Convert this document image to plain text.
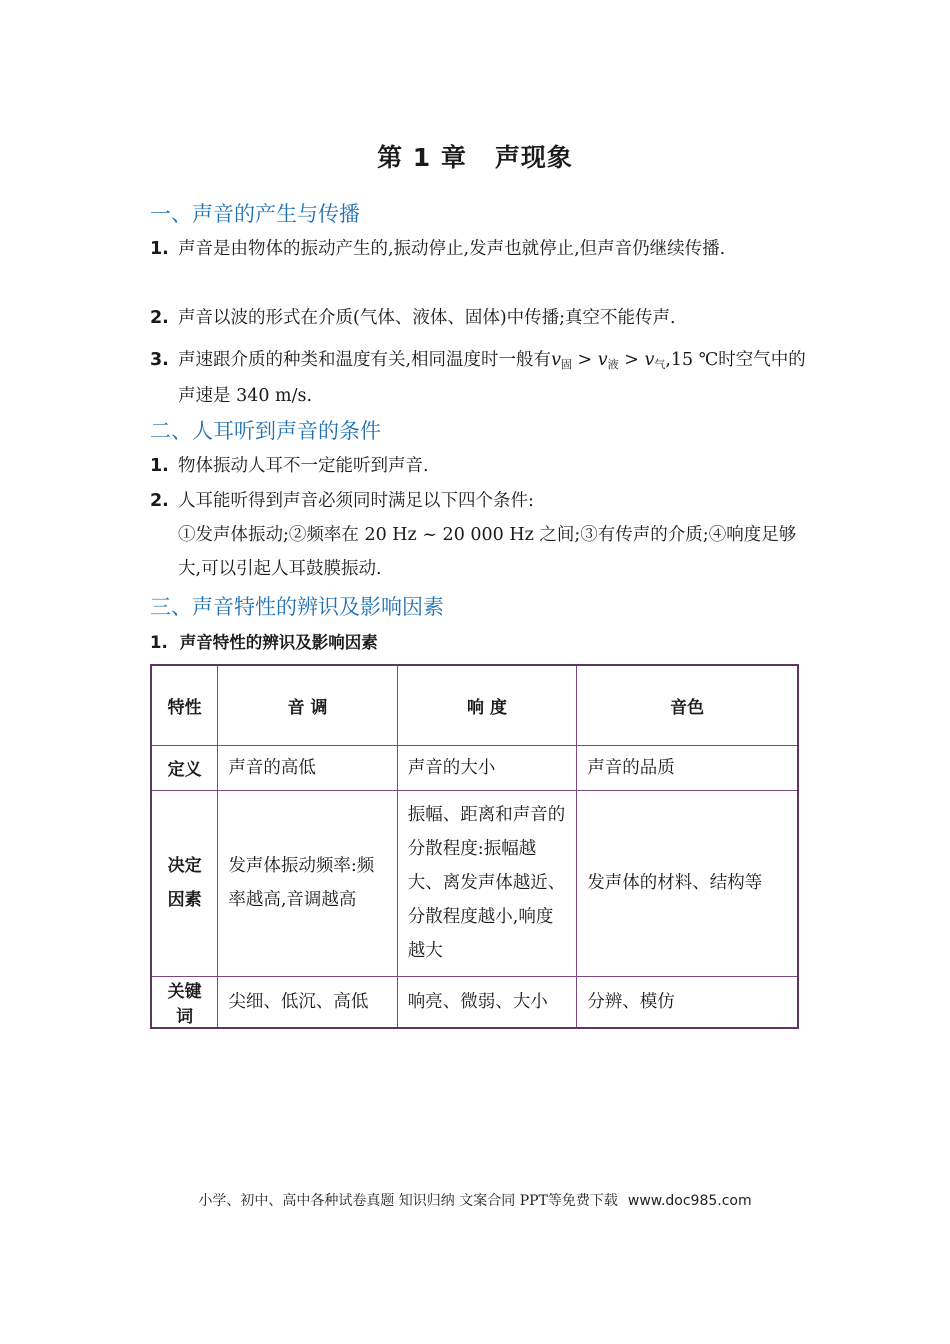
第 1 章 声现象
一、声音的产生与传播
1. 声音是由物体的振动产生的,振动停止,发声也就停止,但声音仍继续传播.
2. 声音以波的形式在介质(气体、液体、固体)中传播;真空不能传声.
3. 声速跟介质的种类和温度有关,相同温度时一般有v固 > v液 > v气,15 ℃时空气中的声速是 340 m/s.
二、人耳听到声音的条件
1. 物体振动人耳不一定能听到声音.
2. 人耳能听得到声音必须同时满足以下四个条件:
①发声体振动;②频率在 20 Hz ~ 20 000 Hz 之间;③有传声的介质;④响度足够大,可以引起人耳鼓膜振动.
三、声音特性的辨识及影响因素
1. 声音特性的辨识及影响因素
特性	音 调	响 度	音色
定义	声音的高低	声音的大小	声音的品质
决定因素	发声体振动频率:频率越高,音调越高	振幅、距离和声音的分散程度:振幅越大、离发声体越近、分散程度越小,响度越大	发声体的材料、结构等
关键词	尖细、低沉、高低	响亮、微弱、大小	分辨、模仿
小学、初中、高中各种试卷真题 知识归纳 文案合同 PPT等免费下载 www.doc985.com
